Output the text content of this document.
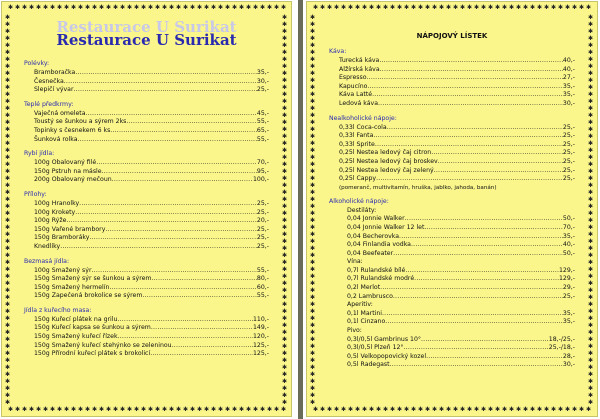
✱
✱
✱
✱
✱
✱
✱
✱
✱
✱
✱
✱
✱
✱
✱
✱
✱
✱
✱
✱
✱
✱
✱
✱
✱
✱
✱
✱
✱
✱
✱
✱
✱
✱
✱
✱
✱
✱
✱
✱
✱
✱
✱
✱
✱
✱
✱
✱
✱
✱
✱
✱
✱
✱
✱
✱
✱
✱
✱
✱
✱
✱
✱
✱
✱
✱
✱
✱
✱
✱
✱
✱
✱
✱
✱
✱
✱
✱
✱
✱
✱	✱
✱	✱
✱	✱
✱	✱
✱	✱
✱	✱
✱	✱
✱	✱
✱	✱
✱	✱
✱	✱
✱	✱
✱	✱
✱	✱
✱	✱
✱	✱
✱	✱
✱	✱
✱	✱
✱	✱
✱	✱
✱	✱
✱	✱
✱	✱
✱	✱
✱	✱
✱	✱
✱	✱
✱	✱
✱	✱
✱	✱
✱	✱
✱	✱
✱	✱
✱	✱
✱	✱
✱	✱
✱	✱
✱	✱
✱	✱
✱	✱
✱	✱
✱	✱
✱	✱
✱	✱
✱	✱
✱	✱
✱	✱
✱	✱
✱	✱
✱	✱
✱	✱
✱	✱
✱	✱
✱	✱
✱	✱
Restaurace U Surikat
Restaurace U Surikat
Polévky:
Bramboračka .....	35,-
Česnečka .....	30,-
Slepičí vývar .....	25,-
Teplé předkrmy:
Vaječná omeleta .....	45,-
Toustý se šunkou a sýrem 2ks .....	55,-
Topinky s česnekem 6 ks .....	65,-
Šunková rolka .....	55,-
Rybí jídla:
100g Obalovaný filé .....	70,-
150g Pstruh na másle .....	95,-
200g Obalovaný mečoun .....	100,-
Přílohy:
100g Hranolky .....	25,-
100g Krokety .....	25,-
100g Rýže .....	20,-
150g Vařené brambory .....	25,-
150g Bramboráky .....	25,-
Knedlíky .....	25,-
Bezmasá jídla:
100g Smažený sýr .....	55,-
150g Smažený sýr se šunkou a sýrem .....	80,-
150g Smažený hermelín .....	60,-
150g Zapečená brokolice se sýrem .....	55,-
Jídla z kuřecího masa:
150g Kuřecí plátek na grilu .....	110,-
150g Kuřecí kapsa se šunkou a sýrem .....	149,-
150g Smažený kuřecí řízek .....	120,-
150g Smažený kuřecí stehýnko se zeleninou .....	125,-
150g Přírodní kuřecí plátek s brokolicí .....	125,-
✱
✱
✱
✱
✱
✱
✱
✱
✱
✱
✱
✱
✱
✱
✱
✱
✱
✱
✱
✱
✱
✱
✱
✱
✱
✱
✱
✱
✱
✱
✱
✱
✱
✱
✱
✱
✱
✱
✱
✱
✱
✱
✱
✱
✱
✱
✱
✱
✱
✱
✱
✱
✱
✱
✱
✱
✱
✱
✱
✱
✱
✱
✱
✱
✱
✱
✱
✱
✱
✱
✱
✱
✱
✱
✱
✱
✱
✱
✱
✱
✱	✱
✱	✱
✱	✱
✱	✱
✱	✱
✱	✱
✱	✱
✱	✱
✱	✱
✱	✱
✱	✱
✱	✱
✱	✱
✱	✱
✱	✱
✱	✱
✱	✱
✱	✱
✱	✱
✱	✱
✱	✱
✱	✱
✱	✱
✱	✱
✱	✱
✱	✱
✱	✱
✱	✱
✱	✱
✱	✱
✱	✱
✱	✱
✱	✱
✱	✱
✱	✱
✱	✱
✱	✱
✱	✱
✱	✱
✱	✱
✱	✱
✱	✱
✱	✱
✱	✱
✱	✱
✱	✱
✱	✱
✱	✱
✱	✱
✱	✱
✱	✱
✱	✱
✱	✱
✱	✱
✱	✱
✱	✱
NÁPOJOVÝ LÍSTEK
Káva:
Turecká káva .....	40,-
Alžírská káva .....	40,-
Espresso .....	27,-
Kapucíno .....	35,-
Káva Latté .....	35,-
Ledová káva .....	30,-
Nealkoholické nápoje:
0,33l Coca-cola .....	25,-
0,33l Fanta .....	25,-
0,33l Sprite .....	25,-
0,25l Nestea ledový čaj citron .....	25,-
0,25l Nestea ledový čaj broskev .....	25,-
0,25l Nestea ledový čaj zelený .....	25,-
0,25l Cappy .....	25,-
(pomeranč, multivitamín, hruška, jablko, jahoda, banán)
Alkoholické nápoje:
Destiláty:
0,04 Jonnie Walker .....	50,-
0,04 Jonnie Walker 12 let .....	70,-
0,04 Becherovka .....	35,-
0,04 Finlandia vodka .....	40,-
0,04 Beefeater .....	50,-
Vína:
0,7l Rulandské bílé .....	129,-
0,7l Rulandské modré .....	129,-
0,2l Merlot .....	29,-
0,2 Lambrusco .....	25,-
Aperitiv:
0,1l Martini .....	35,-
0,1l Cinzano .....	35,-
Pivo:
0,3l/0,5l Gambrinus 10° .....	18,-/25,-
0,3l/0,5l Plzeň 12° .....	25,-/18,-
0,5l Velkopopovický kozel .....	28,-
0,5l Radegast .....	30,-
